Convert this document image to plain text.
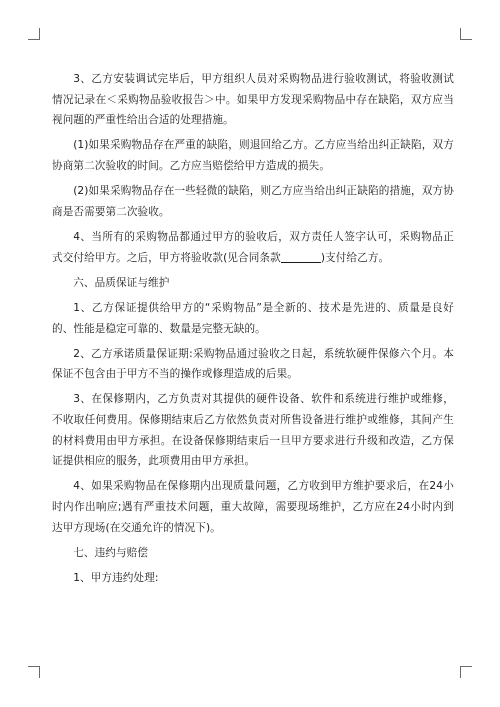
3、乙方安装调试完毕后，甲方组织人员对采购物品进行验收测试，将验收测试情况记录在＜采购物品验收报告＞中。如果甲方发现采购物品中存在缺陷，双方应当视问题的严重性给出合适的处理措施。

(1)如果采购物品存在严重的缺陷，则退回给乙方。乙方应当给出纠正缺陷，双方协商第二次验收的时间。乙方应当赔偿给甲方造成的损失。

(2)如果采购物品存在一些轻微的缺陷，则乙方应当给出纠正缺陷的措施，双方协商是否需要第二次验收。

4、当所有的采购物品都通过甲方的验收后，双方责任人签字认可，采购物品正式交付给甲方。之后，甲方将验收款(见合同条款	)支付给乙方。

六、品质保证与维护

1、乙方保证提供给甲方的“采购物品”是全新的、技术是先进的、质量是良好的、性能是稳定可靠的、数量是完整无缺的。

2、乙方承诺质量保证期:采购物品通过验收之日起，系统软硬件保修六个月。本保证不包含由于甲方不当的操作或修理造成的后果。

3、在保修期内，乙方负责对其提供的硬件设备、软件和系统进行维护或维修，不收取任何费用。保修期结束后乙方依然负责对所售设备进行维护或维修，其间产生的材料费用由甲方承担。在设备保修期结束后一旦甲方要求进行升级和改造，乙方保证提供相应的服务，此项费用由甲方承担。

4、如果采购物品在保修期内出现质量问题，乙方收到甲方维护要求后，在24小时内作出响应;遇有严重技术问题，重大故障，需要现场维护，乙方应在24小时内到达甲方现场(在交通允许的情况下)。

七、违约与赔偿

1、甲方违约处理:
